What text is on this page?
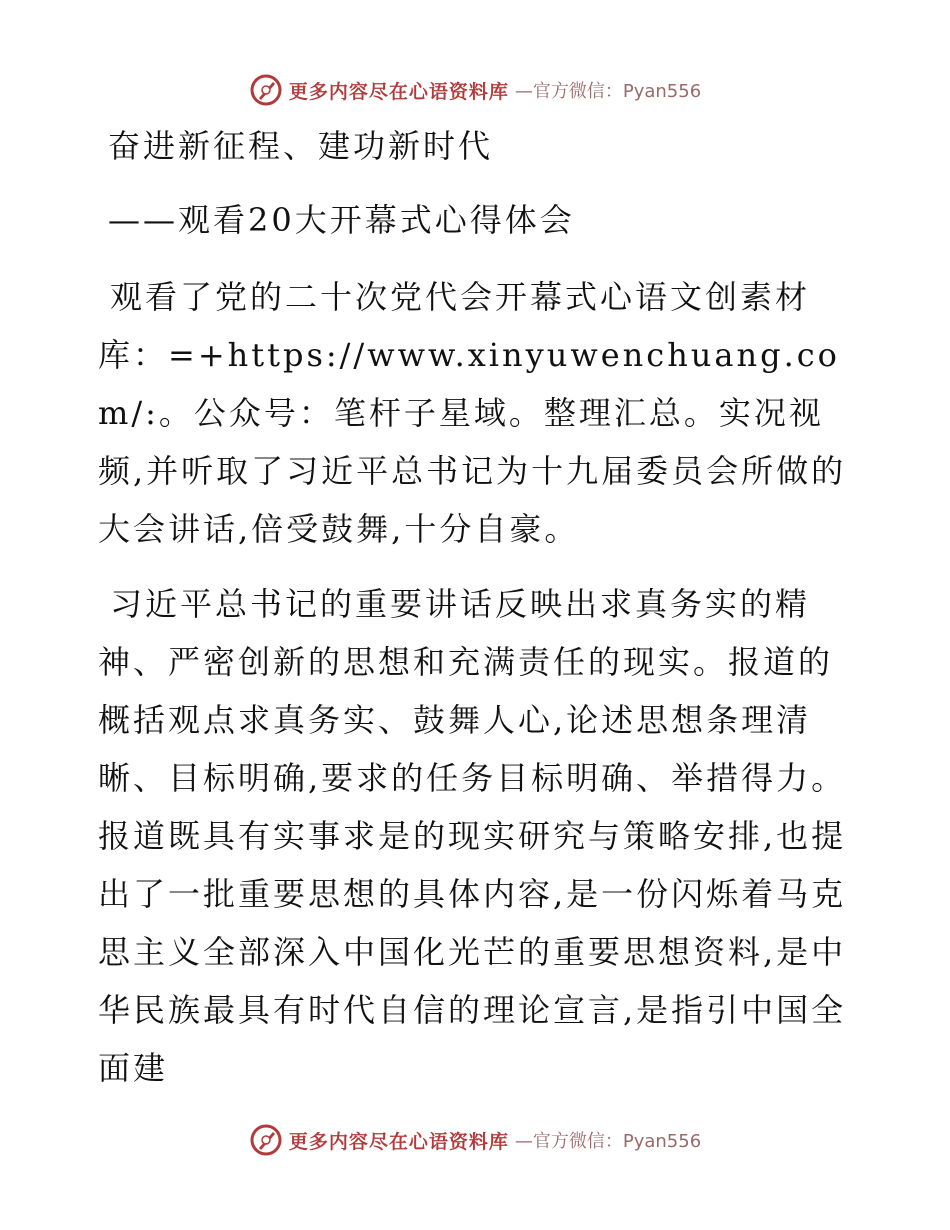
更多内容尽在心语资料库 —官方微信：Pyan556
奋进新征程、建功新时代
——观看20大开幕式心得体会

观看了党的二十次党代会开幕式心语文创素材库：=+https://www.xinyuwenchuang.com/:。公众号：笔杆子星域。整理汇总。实况视频,并听取了习近平总书记为十九届委员会所做的大会讲话,倍受鼓舞,十分自豪。

习近平总书记的重要讲话反映出求真务实的精神、严密创新的思想和充满责任的现实。报道的概括观点求真务实、鼓舞人心,论述思想条理清晰、目标明确,要求的任务目标明确、举措得力。报道既具有实事求是的现实研究与策略安排,也提出了一批重要思想的具体内容,是一份闪烁着马克思主义全部深入中国化光芒的重要思想资料,是中华民族最具有时代自信的理论宣言,是指引中国全面建

更多内容尽在心语资料库 —官方微信：Pyan556
